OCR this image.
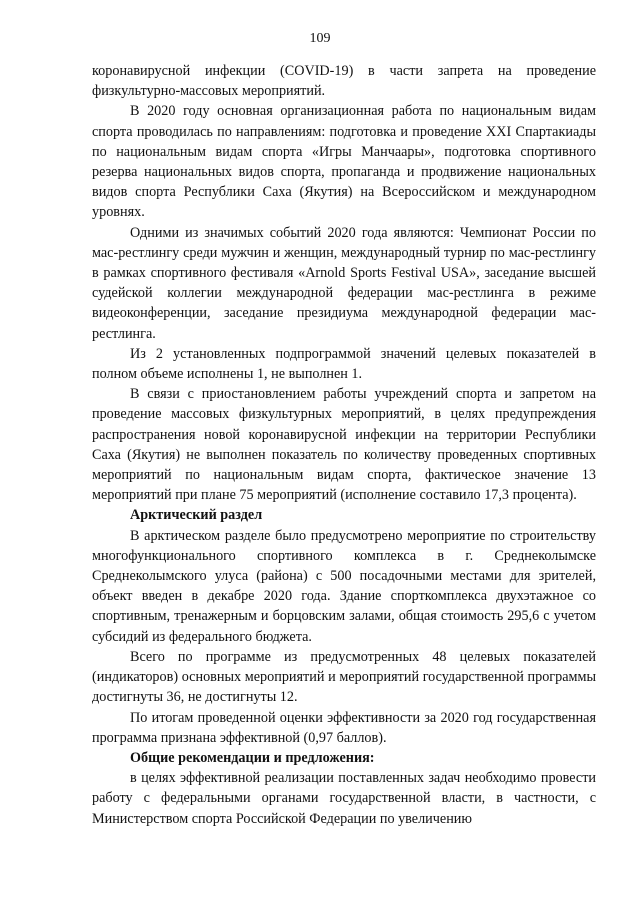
109

коронавирусной инфекции (COVID-19) в части запрета на проведение физкультурно-массовых мероприятий.

В 2020 году основная организационная работа по национальным видам спорта проводилась по направлениям: подготовка и проведение XXI Спартакиады по национальным видам спорта «Игры Манчаары», подготовка спортивного резерва национальных видов спорта, пропаганда и продвижение национальных видов спорта Республики Саха (Якутия) на Всероссийском и международном уровнях.

Одними из значимых событий 2020 года являются: Чемпионат России по мас-рестлингу среди мужчин и женщин, международный турнир по мас-рестлингу в рамках спортивного фестиваля «Arnold Sports Festival USA», заседание высшей судейской коллегии международной федерации мас-рестлинга в режиме видеоконференции, заседание президиума международной федерации мас-рестлинга.

Из 2 установленных подпрограммой значений целевых показателей в полном объеме исполнены 1, не выполнен 1.

В связи с приостановлением работы учреждений спорта и запретом на проведение массовых физкультурных мероприятий, в целях предупреждения распространения новой коронавирусной инфекции на территории Республики Саха (Якутия) не выполнен показатель по количеству проведенных спортивных мероприятий по национальным видам спорта, фактическое значение 13 мероприятий при плане 75 мероприятий (исполнение составило 17,3 процента).

Арктический раздел

В арктическом разделе было предусмотрено мероприятие по строительству многофункционального спортивного комплекса в г. Среднеколымске Среднеколымского улуса (района) с 500 посадочными местами для зрителей, объект введен в декабре 2020 года. Здание спорткомплекса двухэтажное со спортивным, тренажерным и борцовским залами, общая стоимость 295,6 с учетом субсидий из федерального бюджета.

Всего по программе из предусмотренных 48 целевых показателей (индикаторов) основных мероприятий и мероприятий государственной программы достигнуты 36, не достигнуты 12.

По итогам проведенной оценки эффективности за 2020 год государственная программа признана эффективной (0,97 баллов).

Общие рекомендации и предложения:

в целях эффективной реализации поставленных задач необходимо провести работу с федеральными органами государственной власти, в частности, с Министерством спорта Российской Федерации по увеличению
